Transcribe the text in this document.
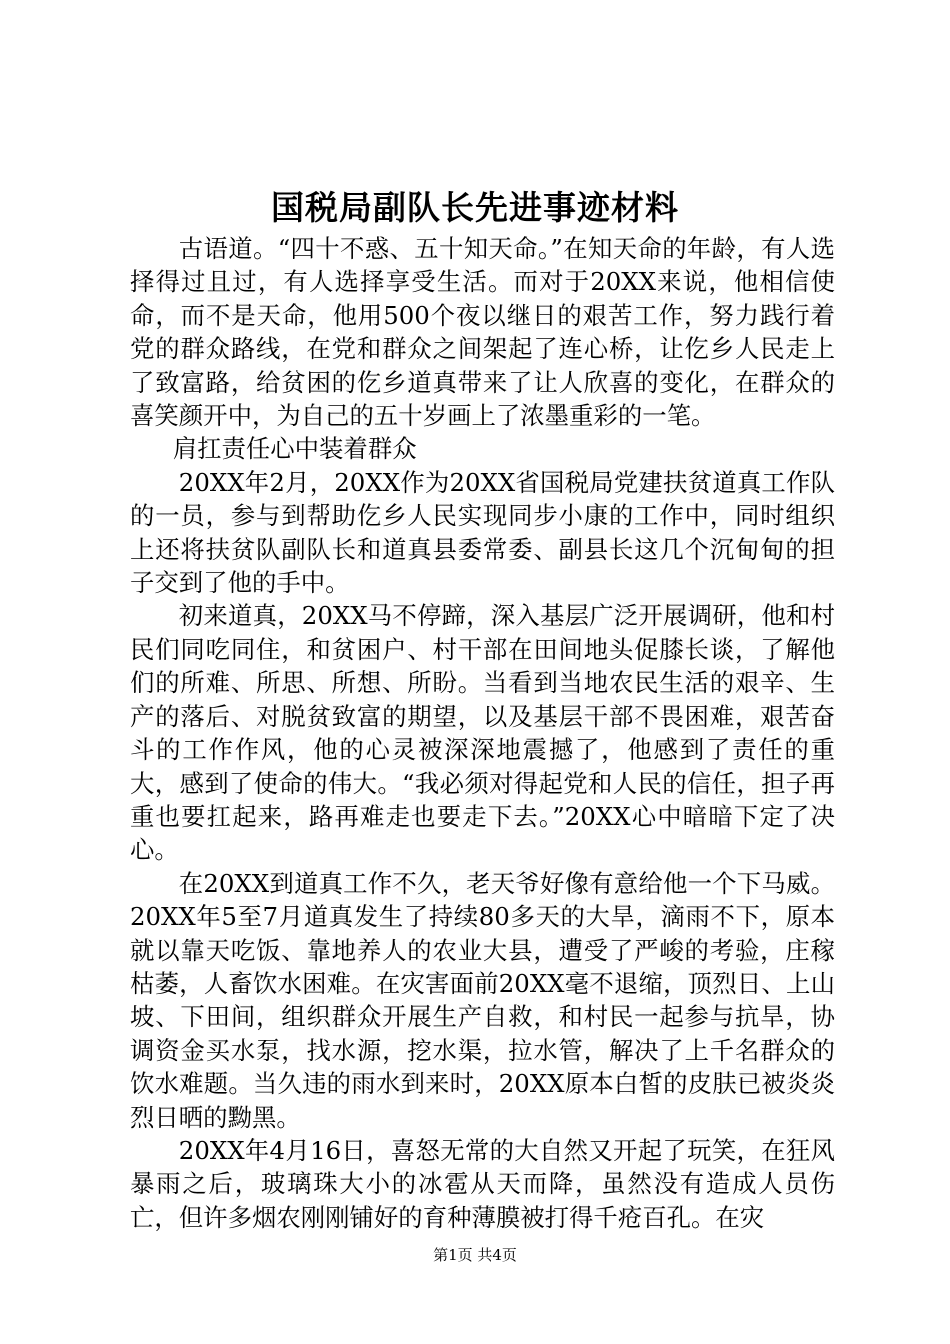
国税局副队长先进事迹材料

古语道。“四十不惑、五十知天命。”在知天命的年龄，有人选择得过且过，有人选择享受生活。而对于20XX来说，他相信使命，而不是天命，他用500个夜以继日的艰苦工作，努力践行着党的群众路线，在党和群众之间架起了连心桥，让仡乡人民走上了致富路，给贫困的仡乡道真带来了让人欣喜的变化，在群众的喜笑颜开中，为自己的五十岁画上了浓墨重彩的一笔。

肩扛责任心中装着群众

20XX年2月，20XX作为20XX省国税局党建扶贫道真工作队的一员，参与到帮助仡乡人民实现同步小康的工作中，同时组织上还将扶贫队副队长和道真县委常委、副县长这几个沉甸甸的担子交到了他的手中。

初来道真，20XX马不停蹄，深入基层广泛开展调研，他和村民们同吃同住，和贫困户、村干部在田间地头促膝长谈，了解他们的所难、所思、所想、所盼。当看到当地农民生活的艰辛、生产的落后、对脱贫致富的期望，以及基层干部不畏困难，艰苦奋斗的工作作风，他的心灵被深深地震撼了，他感到了责任的重大，感到了使命的伟大。“我必须对得起党和人民的信任，担子再重也要扛起来，路再难走也要走下去。”20XX心中暗暗下定了决心。

在20XX到道真工作不久，老天爷好像有意给他一个下马威。20XX年5至7月道真发生了持续80多天的大旱，滴雨不下，原本就以靠天吃饭、靠地养人的农业大县，遭受了严峻的考验，庄稼枯萎，人畜饮水困难。在灾害面前20XX毫不退缩，顶烈日、上山坡、下田间，组织群众开展生产自救，和村民一起参与抗旱，协调资金买水泵，找水源，挖水渠，拉水管，解决了上千名群众的饮水难题。当久违的雨水到来时，20XX原本白皙的皮肤已被炎炎烈日晒的黝黑。

20XX年4月16日，喜怒无常的大自然又开起了玩笑，在狂风暴雨之后，玻璃珠大小的冰雹从天而降，虽然没有造成人员伤亡，但许多烟农刚刚铺好的育种薄膜被打得千疮百孔。在灾

第1页 共4页
